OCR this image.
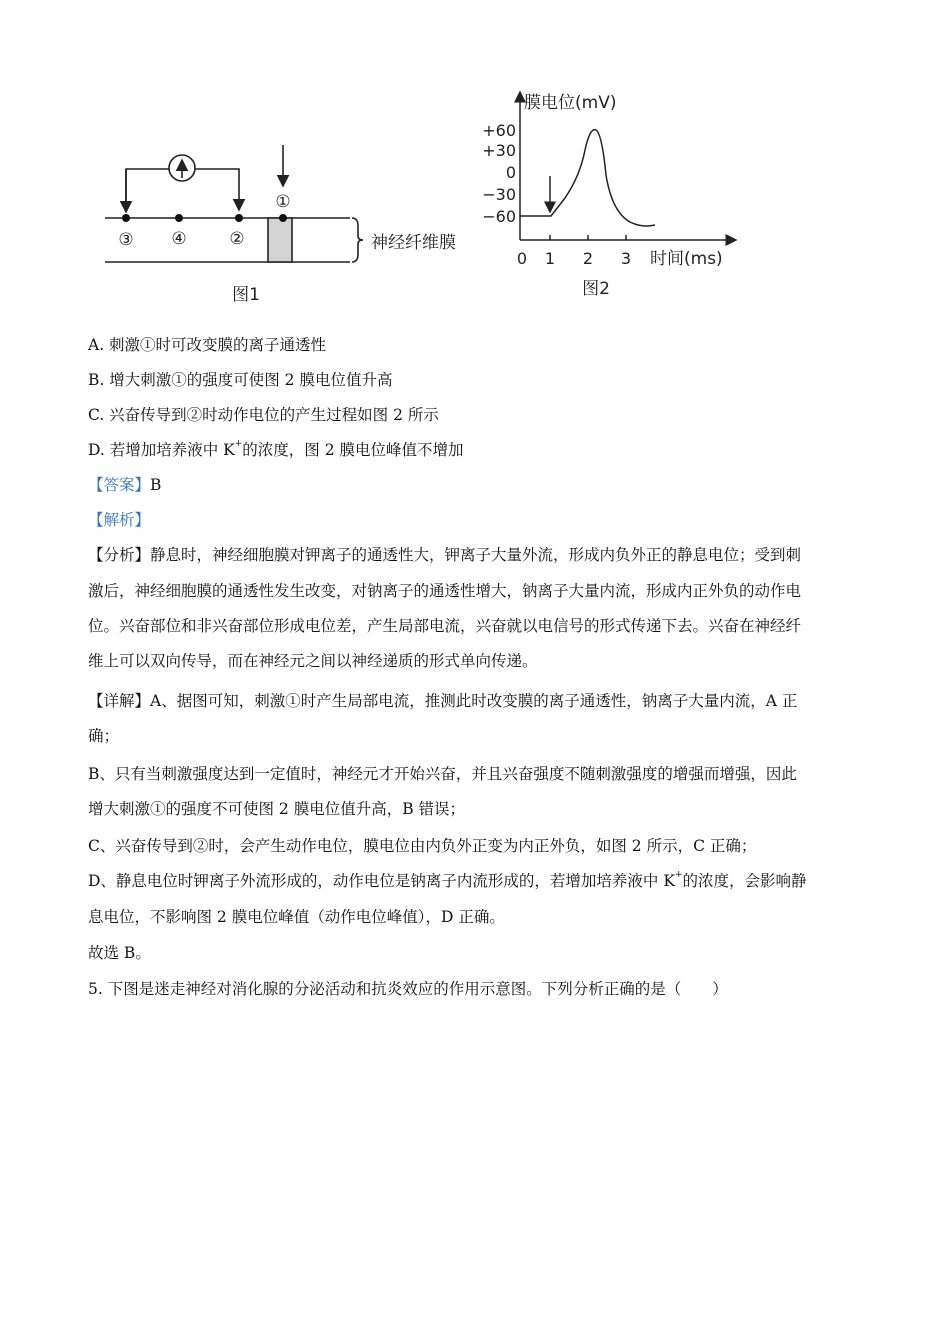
①
③ ④	②	神经纤维膜
图1
膜电位(mV)
+60
+30
0
−30
−60
0 1 2 3 时间(ms)
图2
A. 刺激①时可改变膜的离子通透性
B. 增大刺激①的强度可使图 2 膜电位值升高
C. 兴奋传导到②时动作电位的产生过程如图 2 所示
D. 若增加培养液中 K+的浓度，图 2 膜电位峰值不增加
【答案】B
【解析】
【分析】静息时，神经细胞膜对钾离子的通透性大，钾离子大量外流，形成内负外正的静息电位；受到刺
激后，神经细胞膜的通透性发生改变，对钠离子的通透性增大，钠离子大量内流，形成内正外负的动作电
位。兴奋部位和非兴奋部位形成电位差，产生局部电流，兴奋就以电信号的形式传递下去。兴奋在神经纤
维上可以双向传导，而在神经元之间以神经递质的形式单向传递。
【详解】A、据图可知，刺激①时产生局部电流，推测此时改变膜的离子通透性，钠离子大量内流，A 正
确；
B、只有当刺激强度达到一定值时，神经元才开始兴奋，并且兴奋强度不随刺激强度的增强而增强，因此
增大刺激①的强度不可使图 2 膜电位值升高，B 错误；
C、兴奋传导到②时，会产生动作电位，膜电位由内负外正变为内正外负，如图 2 所示，C 正确；
D、静息电位时钾离子外流形成的，动作电位是钠离子内流形成的，若增加培养液中 K+的浓度，会影响静
息电位，不影响图 2 膜电位峰值（动作电位峰值），D 正确。
故选 B。
5. 下图是迷走神经对消化腺的分泌活动和抗炎效应的作用示意图。下列分析正确的是（　　）
